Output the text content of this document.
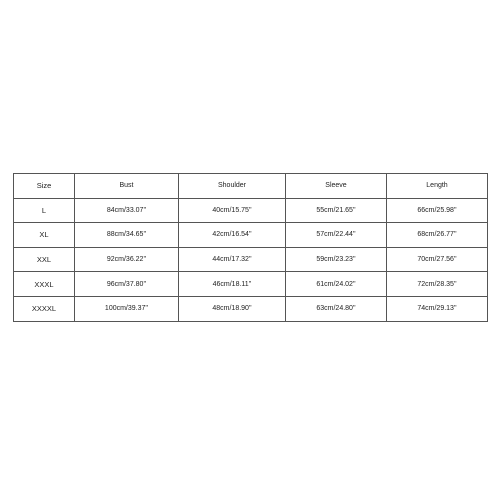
Size	Bust	Shoulder	Sleeve	Length
L	84cm/33.07''	40cm/15.75''	55cm/21.65''	66cm/25.98''
XL	88cm/34.65''	42cm/16.54''	57cm/22.44''	68cm/26.77''
XXL	92cm/36.22''	44cm/17.32''	59cm/23.23''	70cm/27.56''
XXXL	96cm/37.80''	46cm/18.11''	61cm/24.02''	72cm/28.35''
XXXXL	100cm/39.37''	48cm/18.90''	63cm/24.80''	74cm/29.13''
